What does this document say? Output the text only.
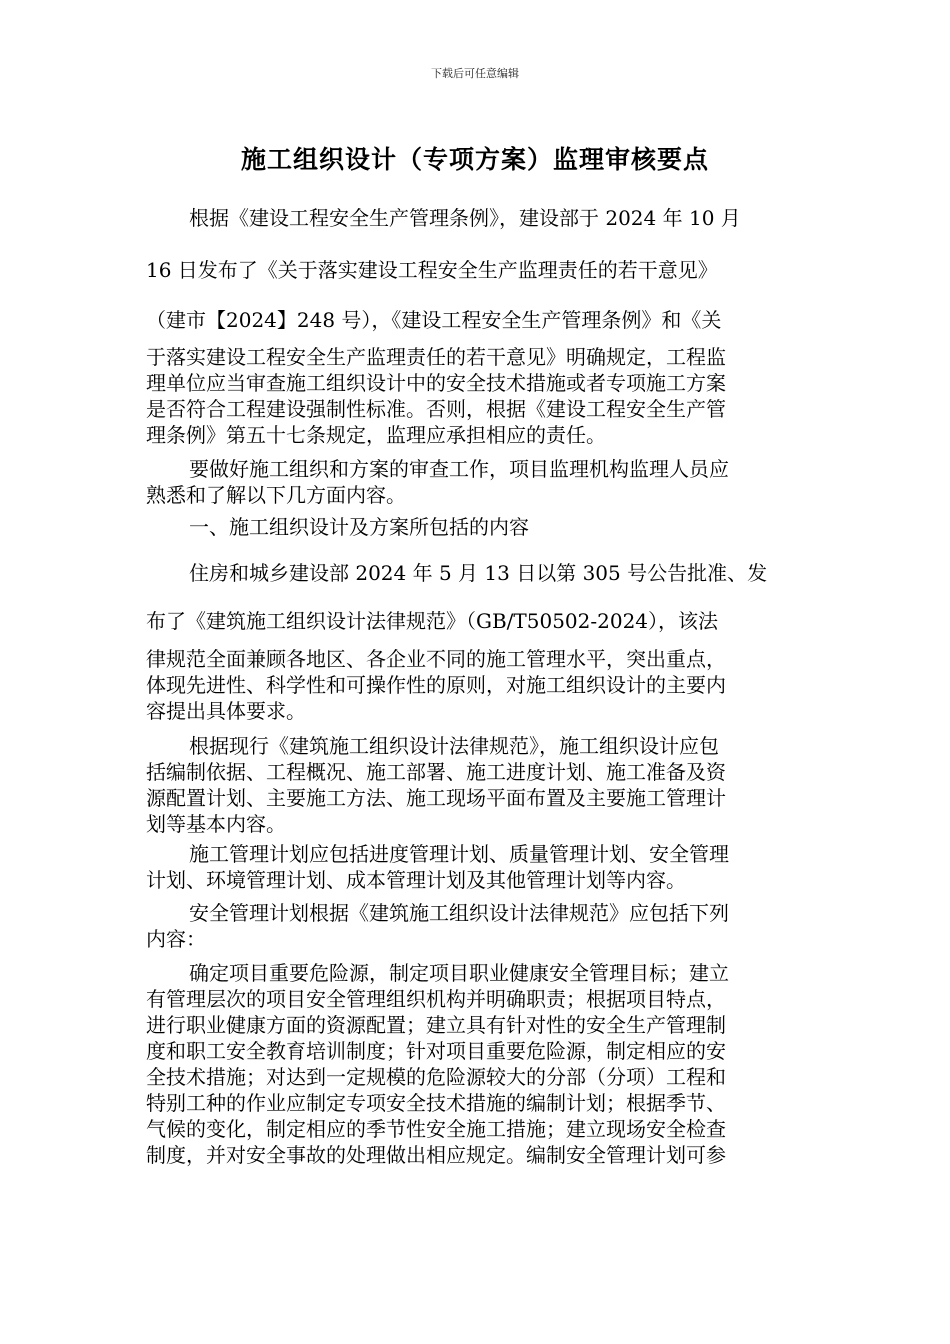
下载后可任意编辑
施工组织设计（专项方案）监理审核要点
根据《建设工程安全生产管理条例》，建设部于 2024 年 10 月
16 日发布了《关于落实建设工程安全生产监理责任的若干意见》
（建市【2024】248 号），《建设工程安全生产管理条例》和《关
于落实建设工程安全生产监理责任的若干意见》明确规定，工程监
理单位应当审查施工组织设计中的安全技术措施或者专项施工方案
是否符合工程建设强制性标准。否则，根据《建设工程安全生产管
理条例》第五十七条规定，监理应承担相应的责任。
要做好施工组织和方案的审查工作，项目监理机构监理人员应
熟悉和了解以下几方面内容。
一、施工组织设计及方案所包括的内容
住房和城乡建设部 2024 年 5 月 13 日以第 305 号公告批准、发
布了《建筑施工组织设计法律规范》（GB/T50502-2024），该法
律规范全面兼顾各地区、各企业不同的施工管理水平，突出重点，
体现先进性、科学性和可操作性的原则，对施工组织设计的主要内
容提出具体要求。
根据现行《建筑施工组织设计法律规范》，施工组织设计应包
括编制依据、工程概况、施工部署、施工进度计划、施工准备及资
源配置计划、主要施工方法、施工现场平面布置及主要施工管理计
划等基本内容。
施工管理计划应包括进度管理计划、质量管理计划、安全管理
计划、环境管理计划、成本管理计划及其他管理计划等内容。
安全管理计划根据《建筑施工组织设计法律规范》应包括下列
内容：
确定项目重要危险源，制定项目职业健康安全管理目标；建立
有管理层次的项目安全管理组织机构并明确职责；根据项目特点，
进行职业健康方面的资源配置；建立具有针对性的安全生产管理制
度和职工安全教育培训制度；针对项目重要危险源，制定相应的安
全技术措施；对达到一定规模的危险源较大的分部（分项）工程和
特别工种的作业应制定专项安全技术措施的编制计划；根据季节、
气候的变化，制定相应的季节性安全施工措施；建立现场安全检查
制度，并对安全事故的处理做出相应规定。编制安全管理计划可参
